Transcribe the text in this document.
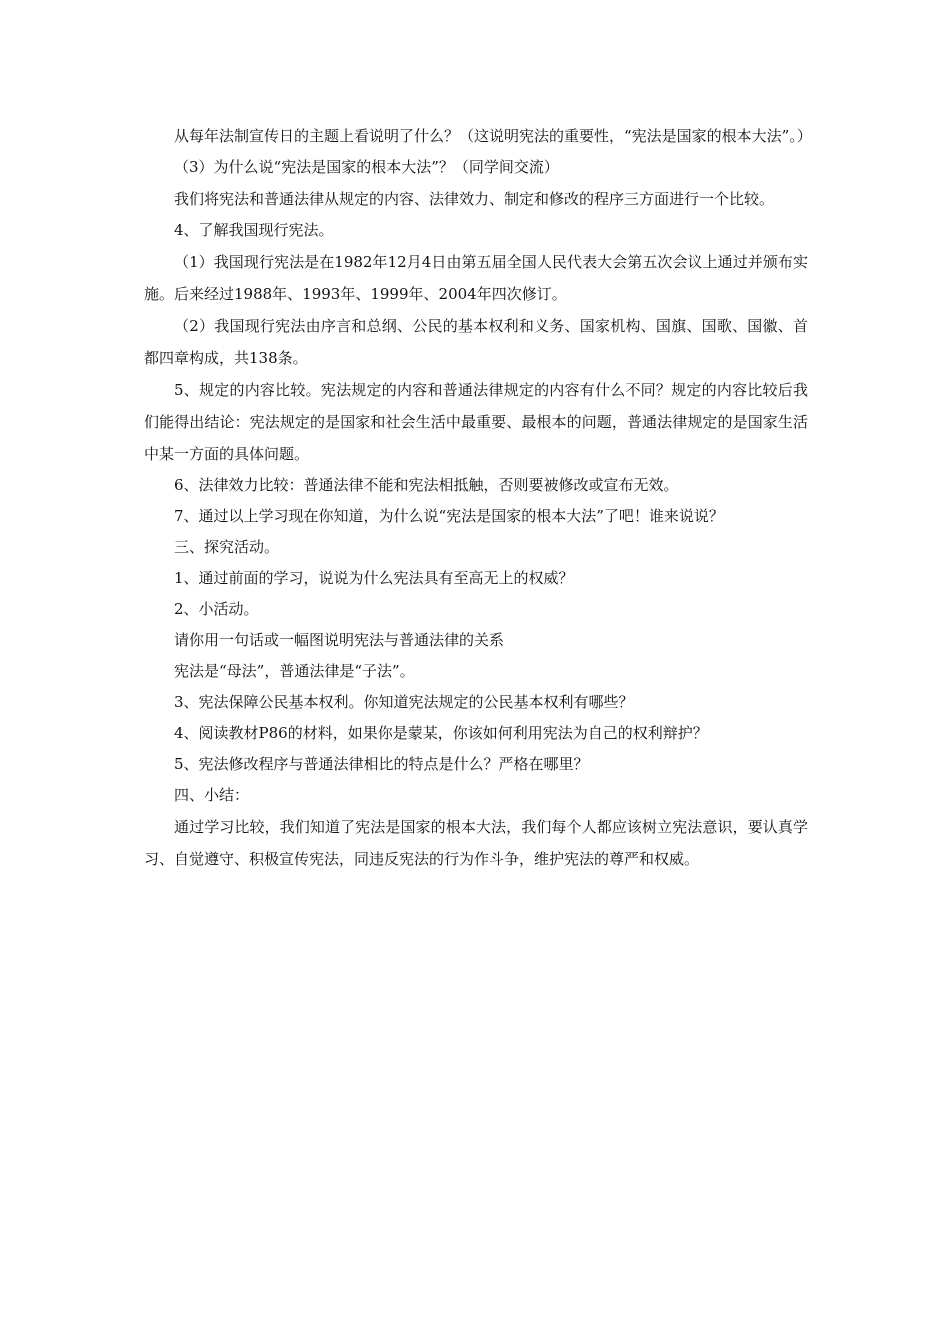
从每年法制宣传日的主题上看说明了什么？（这说明宪法的重要性，“宪法是国家的根本大法”。）

（3）为什么说“宪法是国家的根本大法”？（同学间交流）

我们将宪法和普通法律从规定的内容、法律效力、制定和修改的程序三方面进行一个比较。

4、了解我国现行宪法。

（1）我国现行宪法是在1982年12月4日由第五届全国人民代表大会第五次会议上通过并颁布实施。后来经过1988年、1993年、1999年、2004年四次修订。

（2）我国现行宪法由序言和总纲、公民的基本权利和义务、国家机构、国旗、国歌、国徽、首都四章构成，共138条。

5、规定的内容比较。宪法规定的内容和普通法律规定的内容有什么不同？规定的内容比较后我们能得出结论：宪法规定的是国家和社会生活中最重要、最根本的问题，普通法律规定的是国家生活中某一方面的具体问题。

6、法律效力比较：普通法律不能和宪法相抵触，否则要被修改或宣布无效。

7、通过以上学习现在你知道，为什么说“宪法是国家的根本大法”了吧！谁来说说？

三、探究活动。

1、通过前面的学习，说说为什么宪法具有至高无上的权威？

2、小活动。

请你用一句话或一幅图说明宪法与普通法律的关系

宪法是“母法”，普通法律是“子法”。

3、宪法保障公民基本权利。你知道宪法规定的公民基本权利有哪些？

4、阅读教材P86的材料，如果你是蒙某，你该如何利用宪法为自己的权利辩护？

5、宪法修改程序与普通法律相比的特点是什么？严格在哪里？

四、小结：

通过学习比较，我们知道了宪法是国家的根本大法，我们每个人都应该树立宪法意识，要认真学习、自觉遵守、积极宣传宪法，同违反宪法的行为作斗争，维护宪法的尊严和权威。
